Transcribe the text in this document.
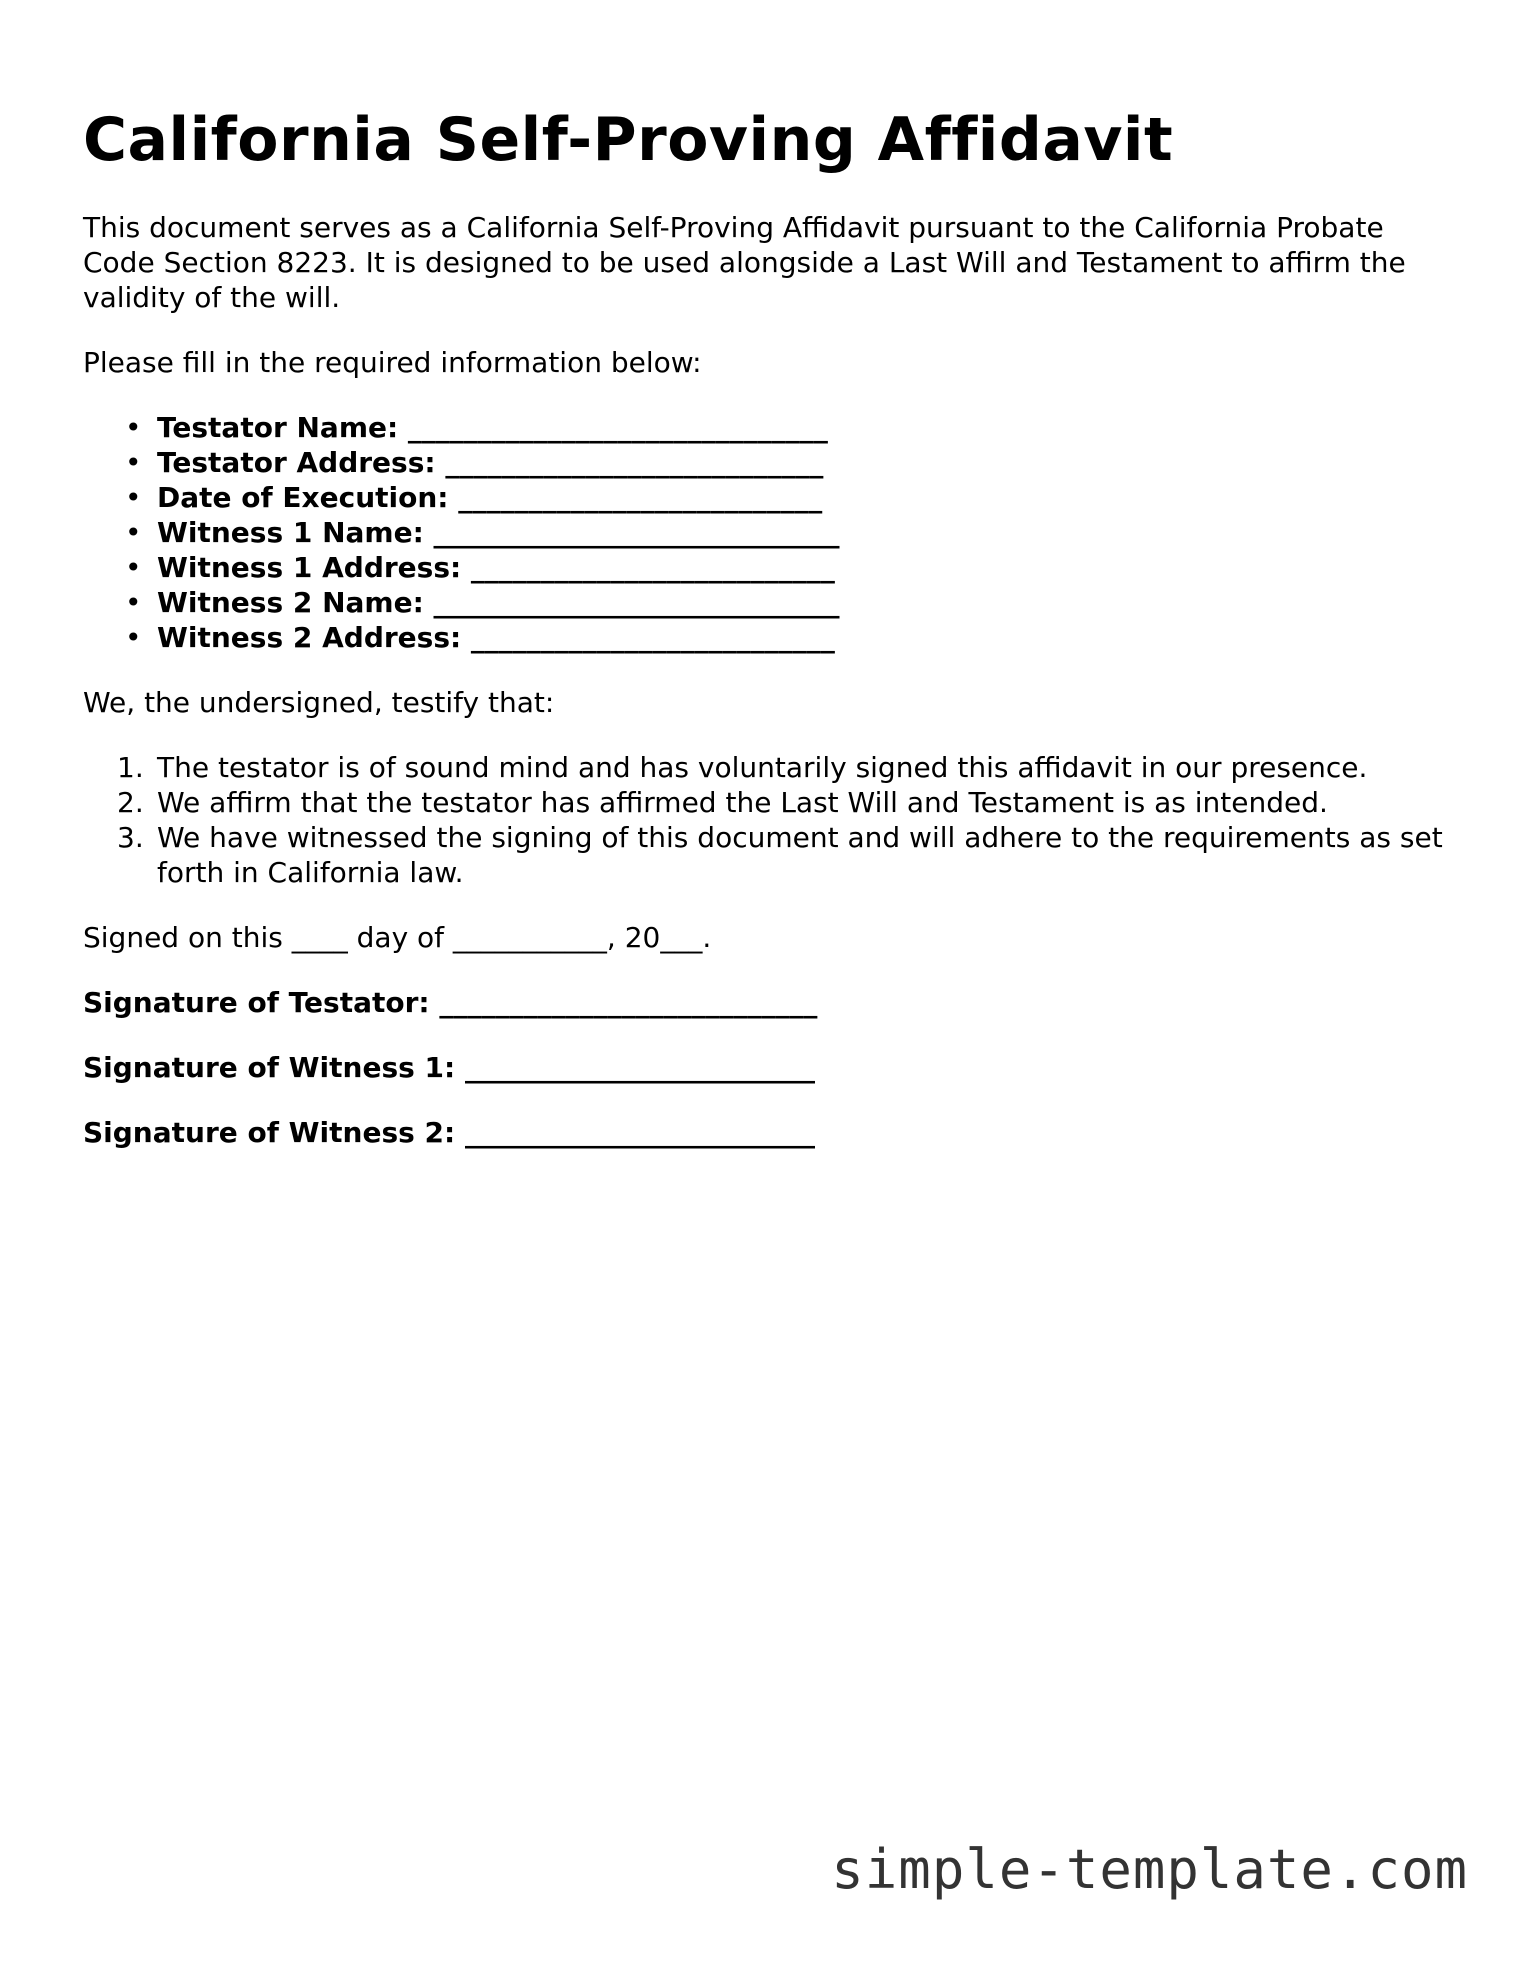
California Self-Proving Affidavit

This document serves as a California Self-Proving Affidavit pursuant to the California Probate Code Section 8223. It is designed to be used alongside a Last Will and Testament to affirm the validity of the will.

Please fill in the required information below:

• Testator Name: ______________________________
• Testator Address: ___________________________
• Date of Execution: __________________________
• Witness 1 Name: _____________________________
• Witness 1 Address: __________________________
• Witness 2 Name: _____________________________
• Witness 2 Address: __________________________

We, the undersigned, testify that:

1. The testator is of sound mind and has voluntarily signed this affidavit in our presence.
2. We affirm that the testator has affirmed the Last Will and Testament is as intended.
3. We have witnessed the signing of this document and will adhere to the requirements as set forth in California law.

Signed on this ____ day of ___________, 20___.

Signature of Testator: ___________________________

Signature of Witness 1: _________________________

Signature of Witness 2: _________________________

simple-template.com
